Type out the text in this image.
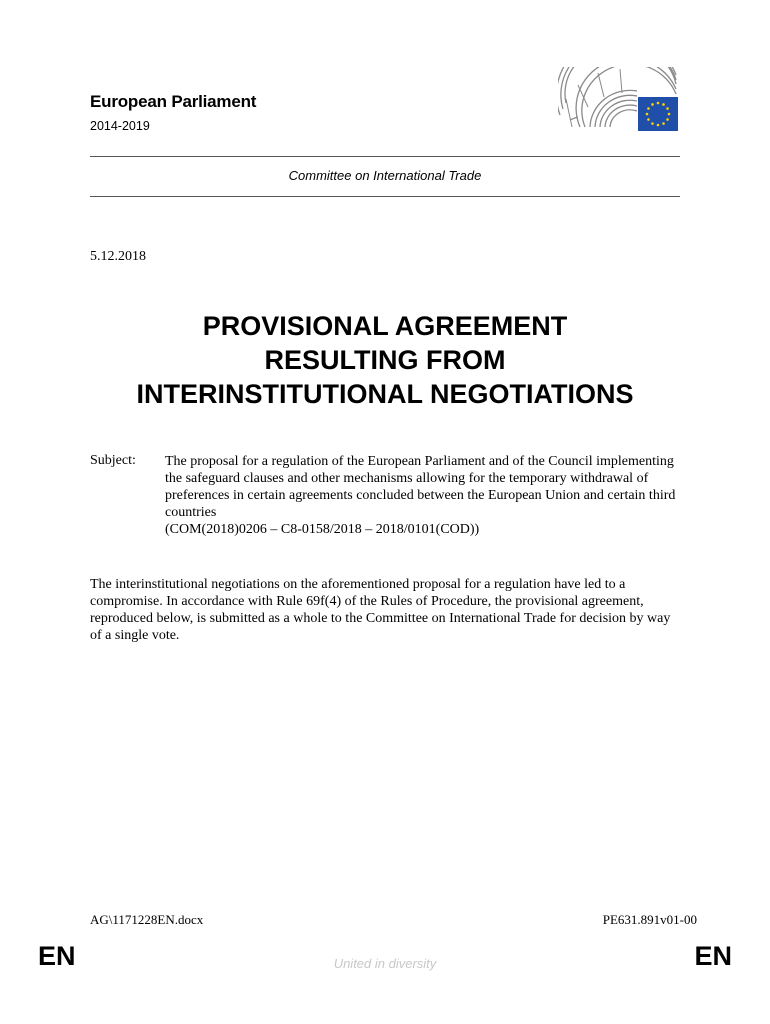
European Parliament
2014-2019
Committee on International Trade
5.12.2018
PROVISIONAL AGREEMENT
RESULTING FROM
INTERINSTITUTIONAL NEGOTIATIONS
Subject: The proposal for a regulation of the European Parliament and of the Council implementing the safeguard clauses and other mechanisms allowing for the temporary withdrawal of preferences in certain agreements concluded between the European Union and certain third countries
(COM(2018)0206 – C8-0158/2018 – 2018/0101(COD))
The interinstitutional negotiations on the aforementioned proposal for a regulation have led to a compromise. In accordance with Rule 69f(4) of the Rules of Procedure, the provisional agreement, reproduced below, is submitted as a whole to the Committee on International Trade for decision by way of a single vote.
AG\1171228EN.docx	PE631.891v01-00
EN	United in diversity	EN
